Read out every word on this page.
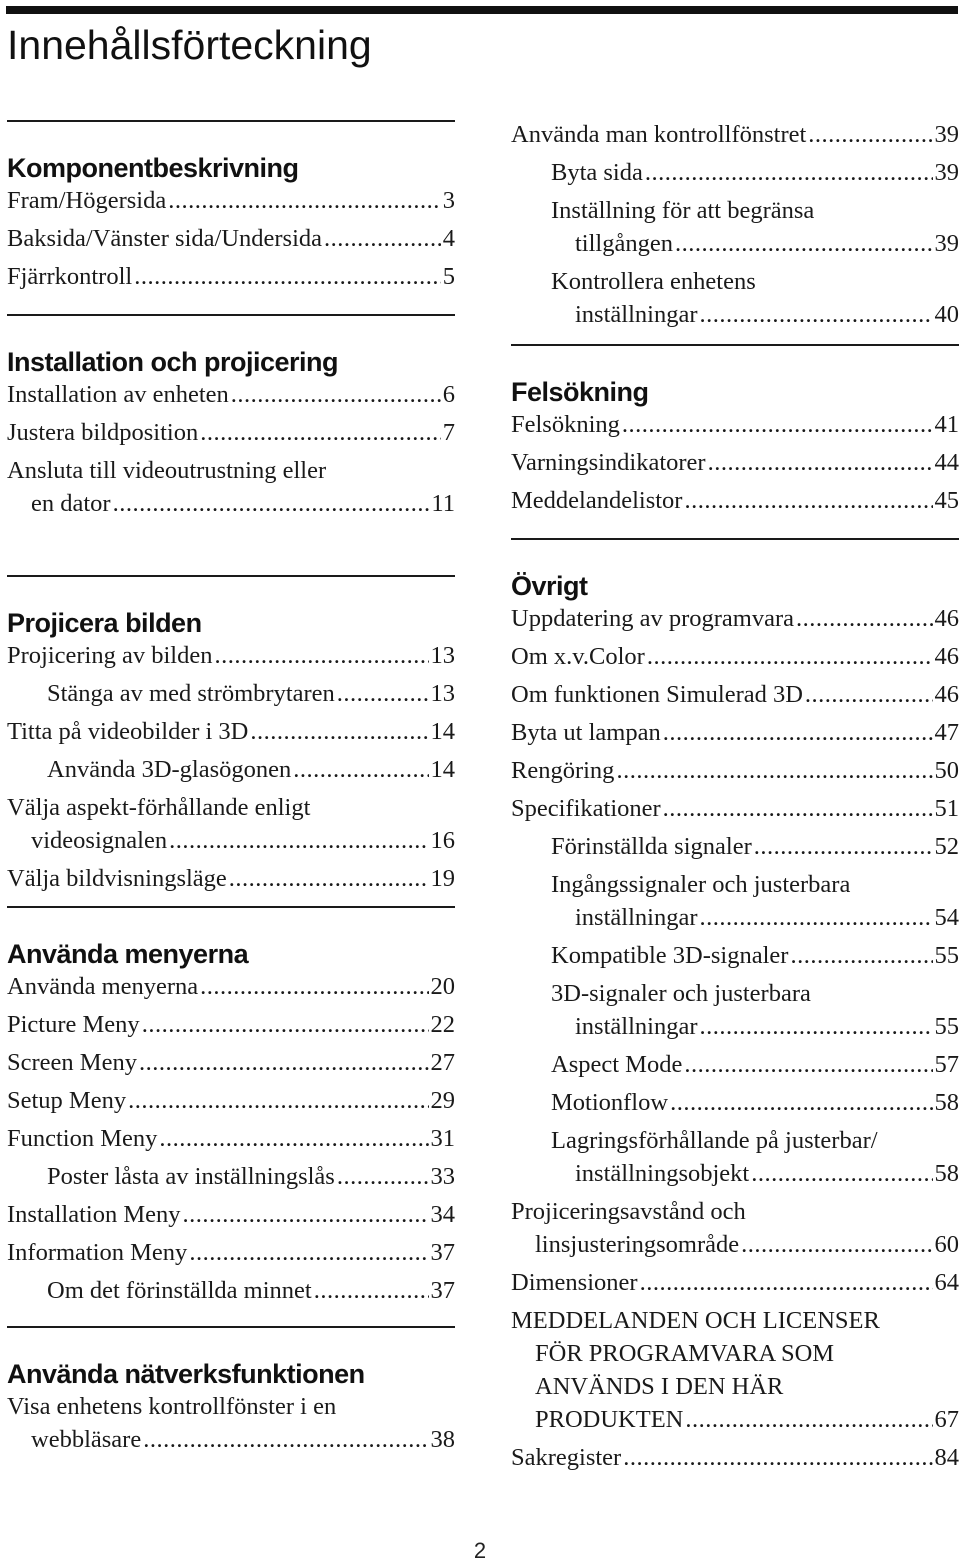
Innehållsförteckning
Komponentbeskrivning
Fram/Högersida .....	3
Baksida/Vänster sida/Undersida .....	4
Fjärrkontroll .....	5
Installation och projicering
Installation av enheten .....	6
Justera bildposition .....	7
Ansluta till videoutrustning eller
en dator .....	11
Projicera bilden
Projicering av bilden .....	13
Stänga av med strömbrytaren .....	13
Titta på videobilder i 3D .....	14
Använda 3D-glasögonen .....	14
Välja aspekt-förhållande enligt
videosignalen .....	16
Välja bildvisningsläge .....	19
Använda menyerna
Använda menyerna .....	20
Picture Meny .....	22
Screen Meny .....	27
Setup Meny .....	29
Function Meny .....	31
Poster låsta av inställningslås .....	33
Installation Meny .....	34
Information Meny .....	37
Om det förinställda minnet .....	37
Använda nätverksfunktionen
Visa enhetens kontrollfönster i en
webbläsare .....	38
Använda man kontrollfönstret .....	39
Byta sida .....	39
Inställning för att begränsa
tillgången .....	39
Kontrollera enhetens
inställningar .....	40
Felsökning
Felsökning .....	41
Varningsindikatorer .....	44
Meddelandelistor .....	45
Övrigt
Uppdatering av programvara .....	46
Om x.v.Color .....	46
Om funktionen Simulerad 3D .....	46
Byta ut lampan .....	47
Rengöring .....	50
Specifikationer .....	51
Förinställda signaler .....	52
Ingångssignaler och justerbara
inställningar .....	54
Kompatible 3D-signaler .....	55
3D-signaler och justerbara
inställningar .....	55
Aspect Mode .....	57
Motionflow .....	58
Lagringsförhållande på justerbar/
inställningsobjekt .....	58
Projiceringsavstånd och
linsjusteringsområde .....	60
Dimensioner .....	64
MEDDELANDEN OCH LICENSER
FÖR PROGRAMVARA SOM
ANVÄNDS I DEN HÄR
PRODUKTEN .....	67
Sakregister .....	84
2
